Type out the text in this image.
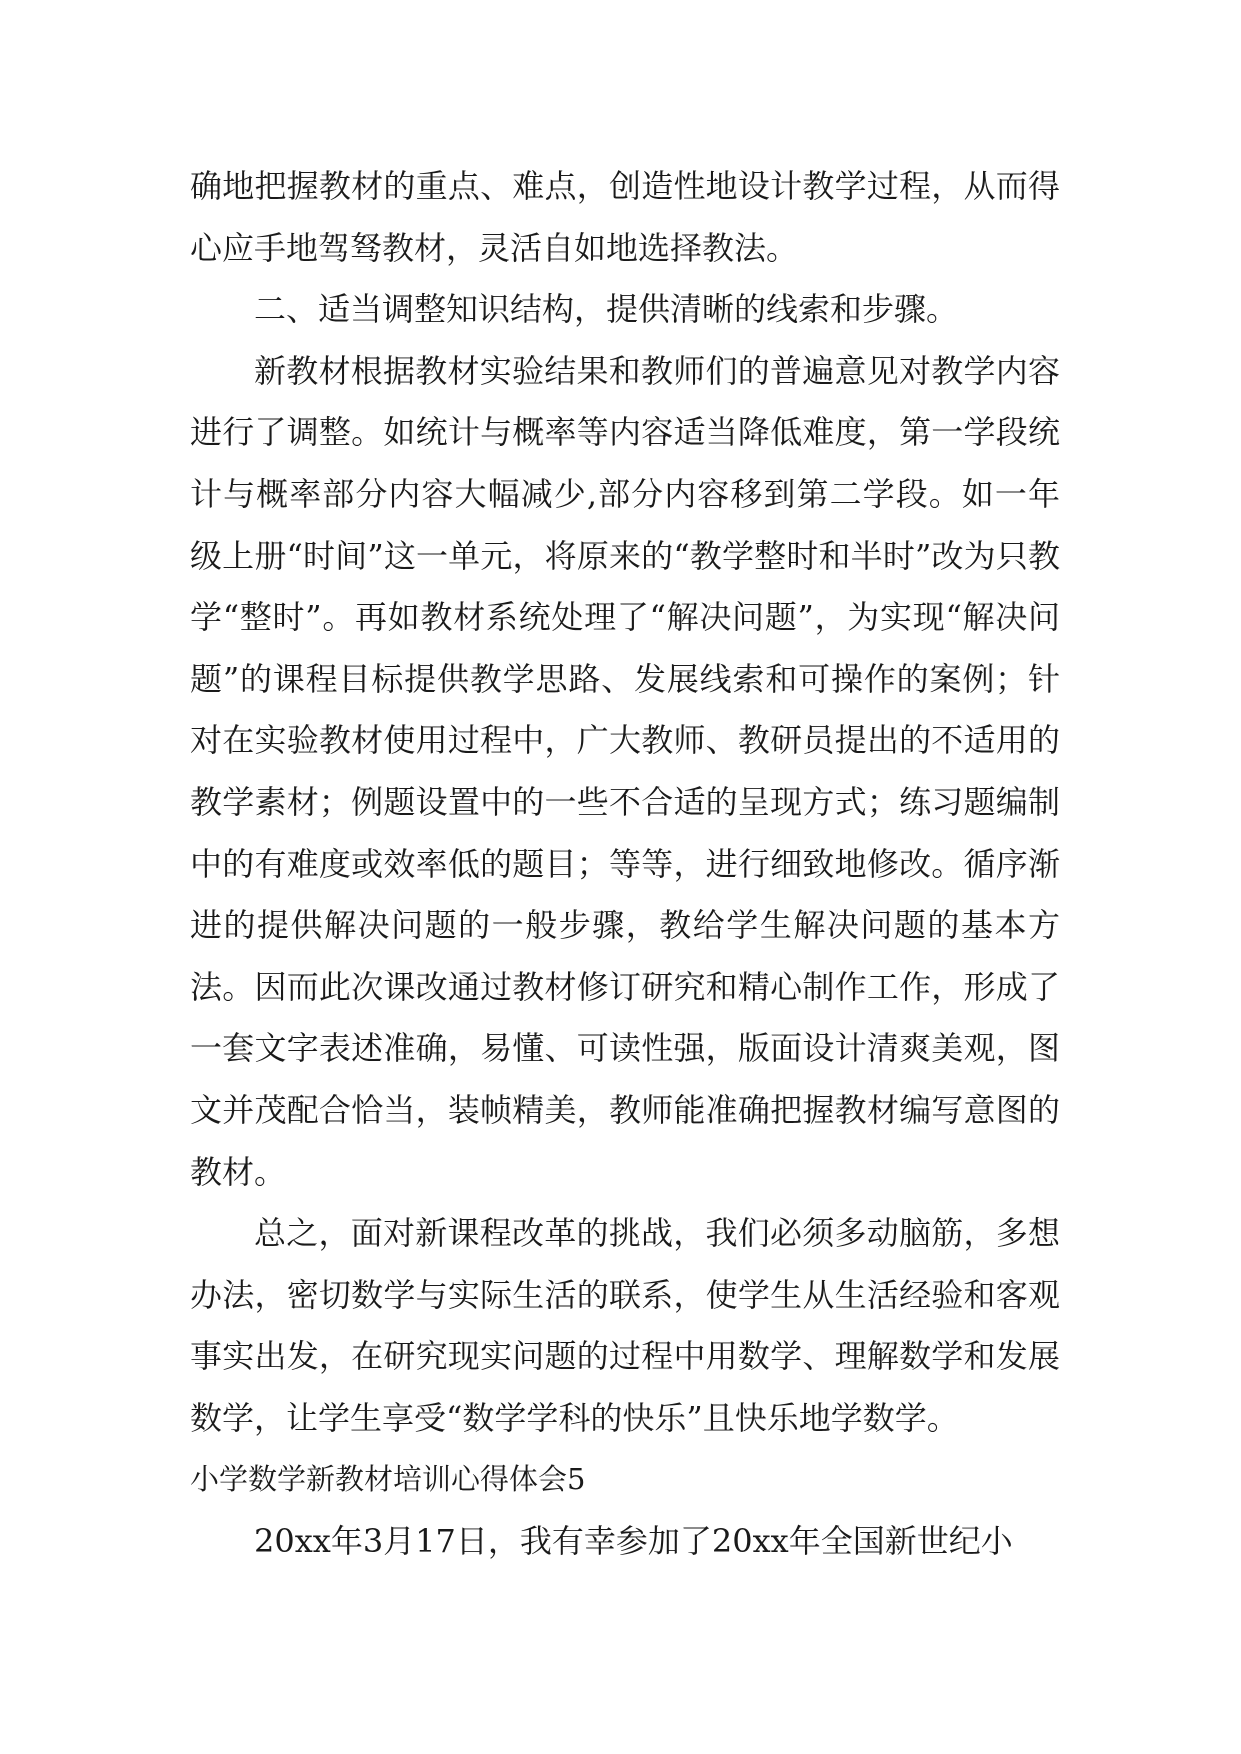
确地把握教材的重点、难点，创造性地设计教学过程，从而得心应手地驾驽教材，灵活自如地选择教法。

二、适当调整知识结构，提供清晰的线索和步骤。

新教材根据教材实验结果和教师们的普遍意见对教学内容进行了调整。如统计与概率等内容适当降低难度，第一学段统计与概率部分内容大幅减少,部分内容移到第二学段。如一年级上册“时间”这一单元，将原来的“教学整时和半时”改为只教学“整时”。再如教材系统处理了“解决问题”，为实现“解决问题”的课程目标提供教学思路、发展线索和可操作的案例；针对在实验教材使用过程中，广大教师、教研员提出的不适用的教学素材；例题设置中的一些不合适的呈现方式；练习题编制中的有难度或效率低的题目；等等，进行细致地修改。循序渐进的提供解决问题的一般步骤，教给学生解决问题的基本方法。因而此次课改通过教材修订研究和精心制作工作，形成了一套文字表述准确，易懂、可读性强，版面设计清爽美观，图文并茂配合恰当，装帧精美，教师能准确把握教材编写意图的教材。

总之，面对新课程改革的挑战，我们必须多动脑筋，多想办法，密切数学与实际生活的联系，使学生从生活经验和客观事实出发，在研究现实问题的过程中用数学、理解数学和发展数学，让学生享受“数学学科的快乐”且快乐地学数学。

小学数学新教材培训心得体会5

20xx年3月17日，我有幸参加了20xx年全国新世纪小
